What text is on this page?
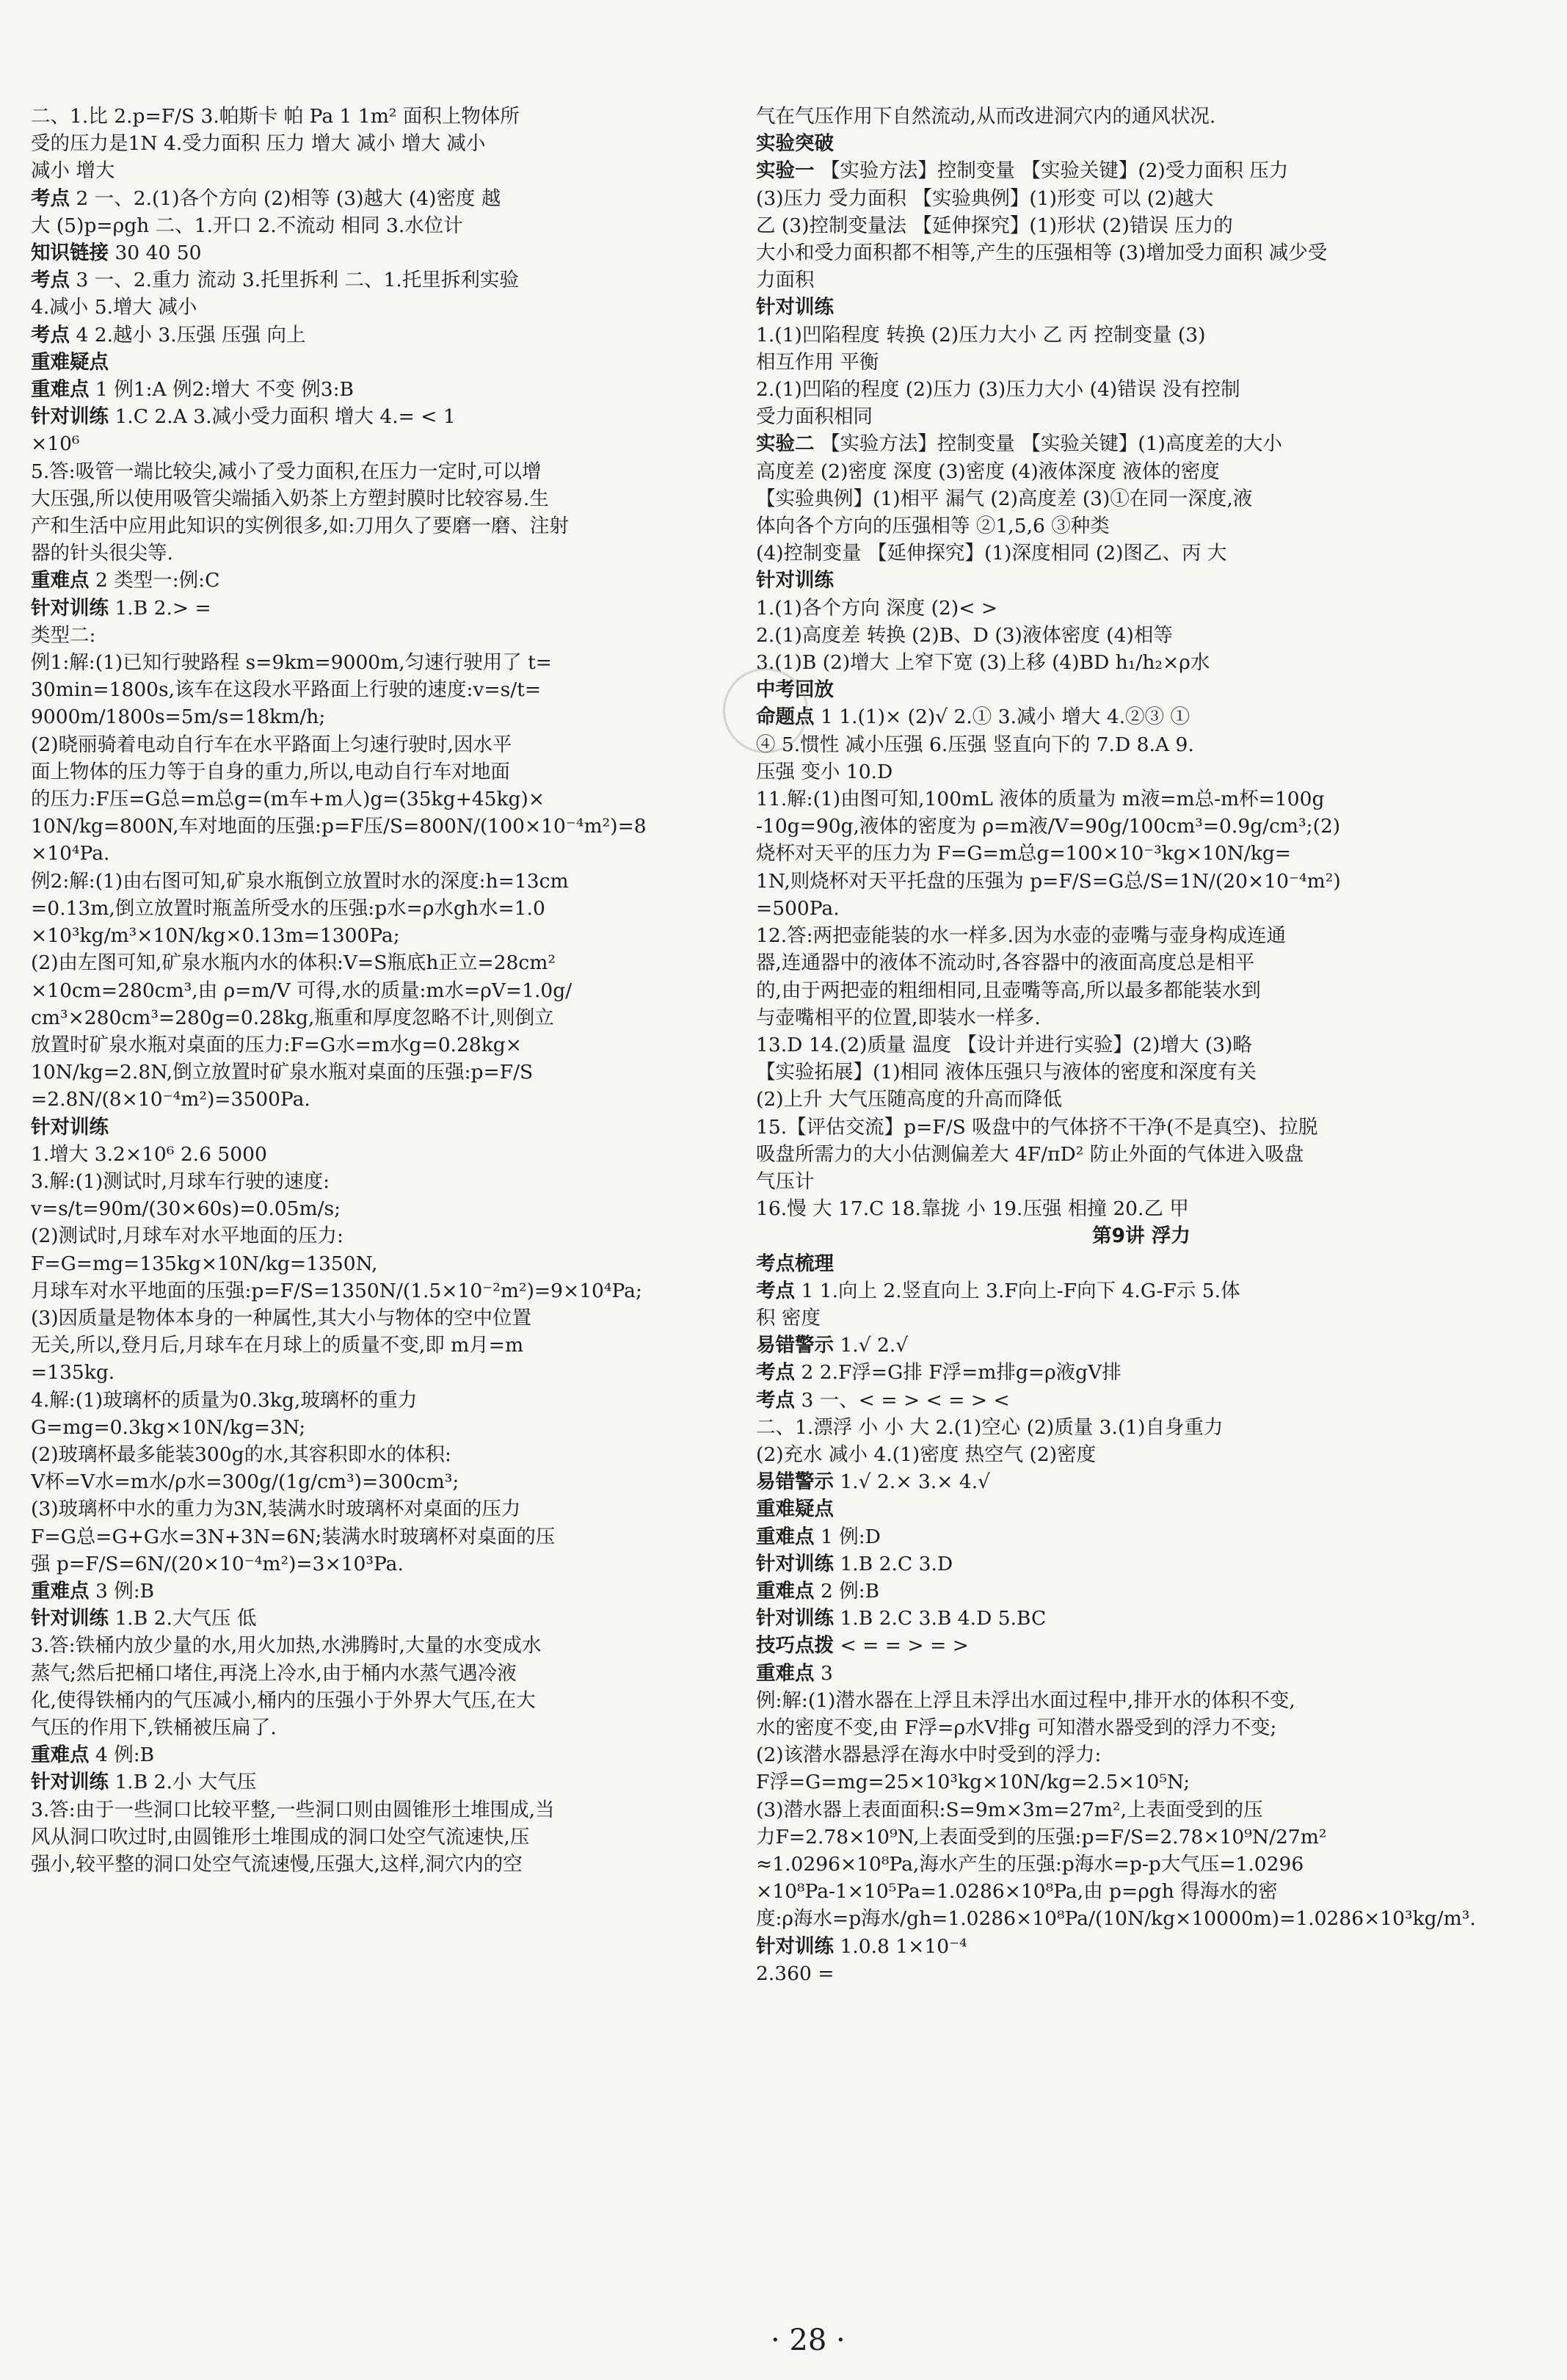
二、1.比 2.p=F/S 3.帕斯卡 帕 Pa 1 1m² 面积上物体所
受的压力是1N 4.受力面积 压力 增大 减小 增大 减小
减小 增大
考点 2 一、2.(1)各个方向 (2)相等 (3)越大 (4)密度 越
大 (5)p=ρgh 二、1.开口 2.不流动 相同 3.水位计
知识链接 30 40 50
考点 3 一、2.重力 流动 3.托里拆利 二、1.托里拆利实验
4.减小 5.增大 减小
考点 4 2.越小 3.压强 压强 向上
重难疑点
重难点 1 例1:A 例2:增大 不变 例3:B
针对训练 1.C 2.A 3.减小受力面积 增大 4.= < 1
×10⁶
5.答:吸管一端比较尖,减小了受力面积,在压力一定时,可以增
大压强,所以使用吸管尖端插入奶茶上方塑封膜时比较容易.生
产和生活中应用此知识的实例很多,如:刀用久了要磨一磨、注射
器的针头很尖等.
重难点 2 类型一:例:C
针对训练 1.B 2.> =
类型二:
例1:解:(1)已知行驶路程 s=9km=9000m,匀速行驶用了 t=
30min=1800s,该车在这段水平路面上行驶的速度:v=s/t=
9000m/1800s=5m/s=18km/h;
(2)晓丽骑着电动自行车在水平路面上匀速行驶时,因水平
面上物体的压力等于自身的重力,所以,电动自行车对地面
的压力:F压=G总=m总g=(m车+m人)g=(35kg+45kg)×
10N/kg=800N,车对地面的压强:p=F压/S=800N/(100×10⁻⁴m²)=8
×10⁴Pa.
例2:解:(1)由右图可知,矿泉水瓶倒立放置时水的深度:h=13cm
=0.13m,倒立放置时瓶盖所受水的压强:p水=ρ水gh水=1.0
×10³kg/m³×10N/kg×0.13m=1300Pa;
(2)由左图可知,矿泉水瓶内水的体积:V=S瓶底h正立=28cm²
×10cm=280cm³,由 ρ=m/V 可得,水的质量:m水=ρV=1.0g/
cm³×280cm³=280g=0.28kg,瓶重和厚度忽略不计,则倒立
放置时矿泉水瓶对桌面的压力:F=G水=m水g=0.28kg×
10N/kg=2.8N,倒立放置时矿泉水瓶对桌面的压强:p=F/S
=2.8N/(8×10⁻⁴m²)=3500Pa.
针对训练
1.增大 3.2×10⁶ 2.6 5000
3.解:(1)测试时,月球车行驶的速度:
v=s/t=90m/(30×60s)=0.05m/s;
(2)测试时,月球车对水平地面的压力:
F=G=mg=135kg×10N/kg=1350N,
月球车对水平地面的压强:p=F/S=1350N/(1.5×10⁻²m²)=9×10⁴Pa;
(3)因质量是物体本身的一种属性,其大小与物体的空中位置
无关,所以,登月后,月球车在月球上的质量不变,即 m月=m
=135kg.
4.解:(1)玻璃杯的质量为0.3kg,玻璃杯的重力
G=mg=0.3kg×10N/kg=3N;
(2)玻璃杯最多能装300g的水,其容积即水的体积:
V杯=V水=m水/ρ水=300g/(1g/cm³)=300cm³;
(3)玻璃杯中水的重力为3N,装满水时玻璃杯对桌面的压力
F=G总=G+G水=3N+3N=6N;装满水时玻璃杯对桌面的压
强 p=F/S=6N/(20×10⁻⁴m²)=3×10³Pa.
重难点 3 例:B
针对训练 1.B 2.大气压 低
3.答:铁桶内放少量的水,用火加热,水沸腾时,大量的水变成水
蒸气;然后把桶口堵住,再浇上冷水,由于桶内水蒸气遇冷液
化,使得铁桶内的气压减小,桶内的压强小于外界大气压,在大
气压的作用下,铁桶被压扁了.
重难点 4 例:B
针对训练 1.B 2.小 大气压
3.答:由于一些洞口比较平整,一些洞口则由圆锥形土堆围成,当
风从洞口吹过时,由圆锥形土堆围成的洞口处空气流速快,压
强小,较平整的洞口处空气流速慢,压强大,这样,洞穴内的空
气在气压作用下自然流动,从而改进洞穴内的通风状况.
实验突破
实验一 【实验方法】控制变量 【实验关键】(2)受力面积 压力
(3)压力 受力面积 【实验典例】(1)形变 可以 (2)越大
乙 (3)控制变量法 【延伸探究】(1)形状 (2)错误 压力的
大小和受力面积都不相等,产生的压强相等 (3)增加受力面积 减少受
力面积
针对训练
1.(1)凹陷程度 转换 (2)压力大小 乙 丙 控制变量 (3)
相互作用 平衡
2.(1)凹陷的程度 (2)压力 (3)压力大小 (4)错误 没有控制
受力面积相同
实验二 【实验方法】控制变量 【实验关键】(1)高度差的大小
高度差 (2)密度 深度 (3)密度 (4)液体深度 液体的密度
【实验典例】(1)相平 漏气 (2)高度差 (3)①在同一深度,液
体向各个方向的压强相等 ②1,5,6 ③种类
(4)控制变量 【延伸探究】(1)深度相同 (2)图乙、丙 大
针对训练
1.(1)各个方向 深度 (2)< >
2.(1)高度差 转换 (2)B、D (3)液体密度 (4)相等
3.(1)B (2)增大 上窄下宽 (3)上移 (4)BD h₁/h₂×ρ水
中考回放
命题点 1 1.(1)× (2)√ 2.① 3.减小 增大 4.②③ ①
④ 5.惯性 减小压强 6.压强 竖直向下的 7.D 8.A 9.
压强 变小 10.D
11.解:(1)由图可知,100mL 液体的质量为 m液=m总-m杯=100g
-10g=90g,液体的密度为 ρ=m液/V=90g/100cm³=0.9g/cm³;(2)
烧杯对天平的压力为 F=G=m总g=100×10⁻³kg×10N/kg=
1N,则烧杯对天平托盘的压强为 p=F/S=G总/S=1N/(20×10⁻⁴m²)
=500Pa.
12.答:两把壶能装的水一样多.因为水壶的壶嘴与壶身构成连通
器,连通器中的液体不流动时,各容器中的液面高度总是相平
的,由于两把壶的粗细相同,且壶嘴等高,所以最多都能装水到
与壶嘴相平的位置,即装水一样多.
13.D 14.(2)质量 温度 【设计并进行实验】(2)增大 (3)略
【实验拓展】(1)相同 液体压强只与液体的密度和深度有关
(2)上升 大气压随高度的升高而降低
15.【评估交流】p=F/S 吸盘中的气体挤不干净(不是真空)、拉脱
吸盘所需力的大小估测偏差大 4F/πD² 防止外面的气体进入吸盘
气压计
16.慢 大 17.C 18.靠拢 小 19.压强 相撞 20.乙 甲
第9讲 浮力
考点梳理
考点 1 1.向上 2.竖直向上 3.F向上-F向下 4.G-F示 5.体
积 密度
易错警示 1.√ 2.√
考点 2 2.F浮=G排 F浮=m排g=ρ液gV排
考点 3 一、< = > < = > <
二、1.漂浮 小 小 大 2.(1)空心 (2)质量 3.(1)自身重力
(2)充水 减小 4.(1)密度 热空气 (2)密度
易错警示 1.√ 2.× 3.× 4.√
重难疑点
重难点 1 例:D
针对训练 1.B 2.C 3.D
重难点 2 例:B
针对训练 1.B 2.C 3.B 4.D 5.BC
技巧点拨 < = = > = >
重难点 3
例:解:(1)潜水器在上浮且未浮出水面过程中,排开水的体积不变,
水的密度不变,由 F浮=ρ水V排g 可知潜水器受到的浮力不变;
(2)该潜水器悬浮在海水中时受到的浮力:
F浮=G=mg=25×10³kg×10N/kg=2.5×10⁵N;
(3)潜水器上表面面积:S=9m×3m=27m²,上表面受到的压
力F=2.78×10⁹N,上表面受到的压强:p=F/S=2.78×10⁹N/27m²
≈1.0296×10⁸Pa,海水产生的压强:p海水=p-p大气压=1.0296
×10⁸Pa-1×10⁵Pa=1.0286×10⁸Pa,由 p=ρgh 得海水的密
度:ρ海水=p海水/gh=1.0286×10⁸Pa/(10N/kg×10000m)=1.0286×10³kg/m³.
针对训练 1.0.8 1×10⁻⁴
2.360 =
· 28 ·
